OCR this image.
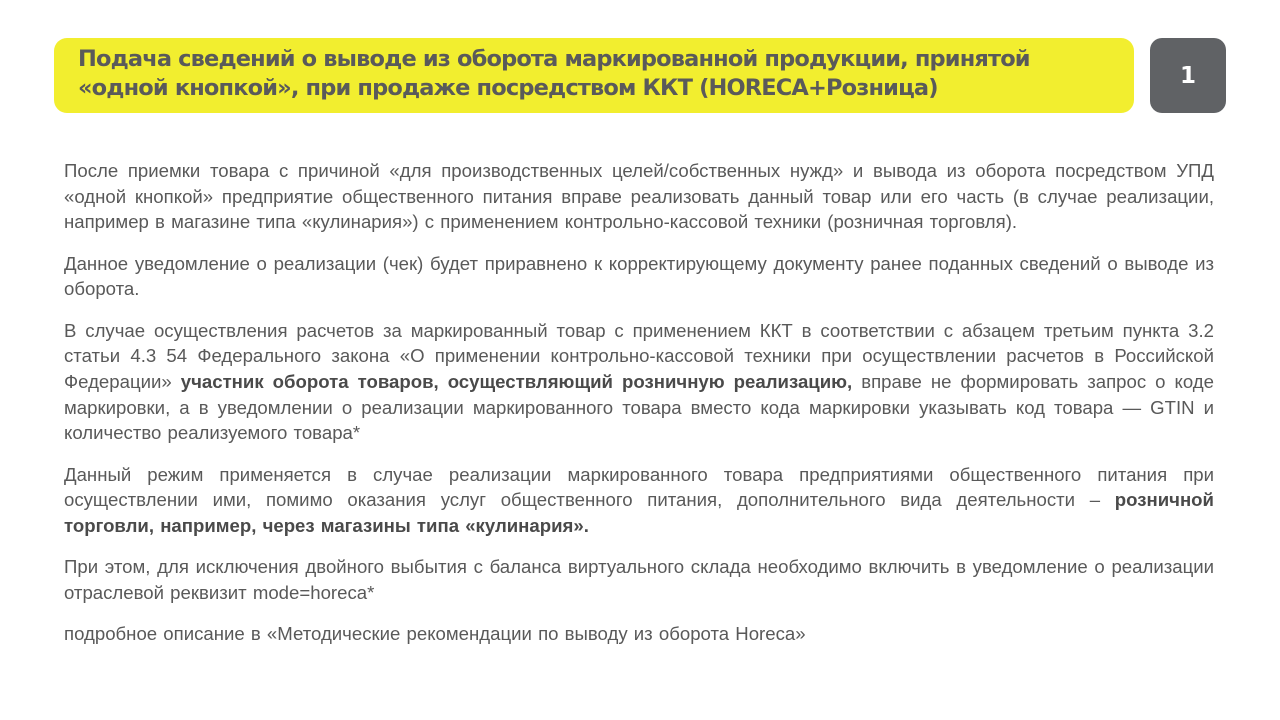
Подача сведений о выводе из оборота маркированной продукции, принятой
«одной кнопкой», при продаже посредством ККТ (HORECA+Розница)	1

После приемки товара с причиной «для производственных целей/собственных нужд» и вывода из оборота посредством УПД «одной кнопкой» предприятие общественного питания вправе реализовать данный товар или его часть (в случае реализации, например в магазине типа «кулинария») с применением контрольно-кассовой техники (розничная торговля).

Данное уведомление о реализации (чек) будет приравнено к корректирующему документу ранее поданных сведений о выводе из оборота.

В случае осуществления расчетов за маркированный товар с применением ККТ в соответствии с абзацем третьим пункта 3.2 статьи 4.3 54 Федерального закона «О применении контрольно-кассовой техники при осуществлении расчетов в Российской Федерации» участник оборота товаров, осуществляющий розничную реализацию, вправе не формировать запрос о коде маркировки, а в уведомлении о реализации маркированного товара вместо кода маркировки указывать код товара — GTIN и количество реализуемого товара*

Данный режим применяется в случае реализации маркированного товара предприятиями общественного питания при осуществлении ими, помимо оказания услуг общественного питания, дополнительного вида деятельности – розничной торговли, например, через магазины типа «кулинария».

При этом, для исключения двойного выбытия с баланса виртуального склада необходимо включить в уведомление о реализации отраслевой реквизит mode=horeca*

подробное описание в «Методические рекомендации по выводу из оборота Horeca»
